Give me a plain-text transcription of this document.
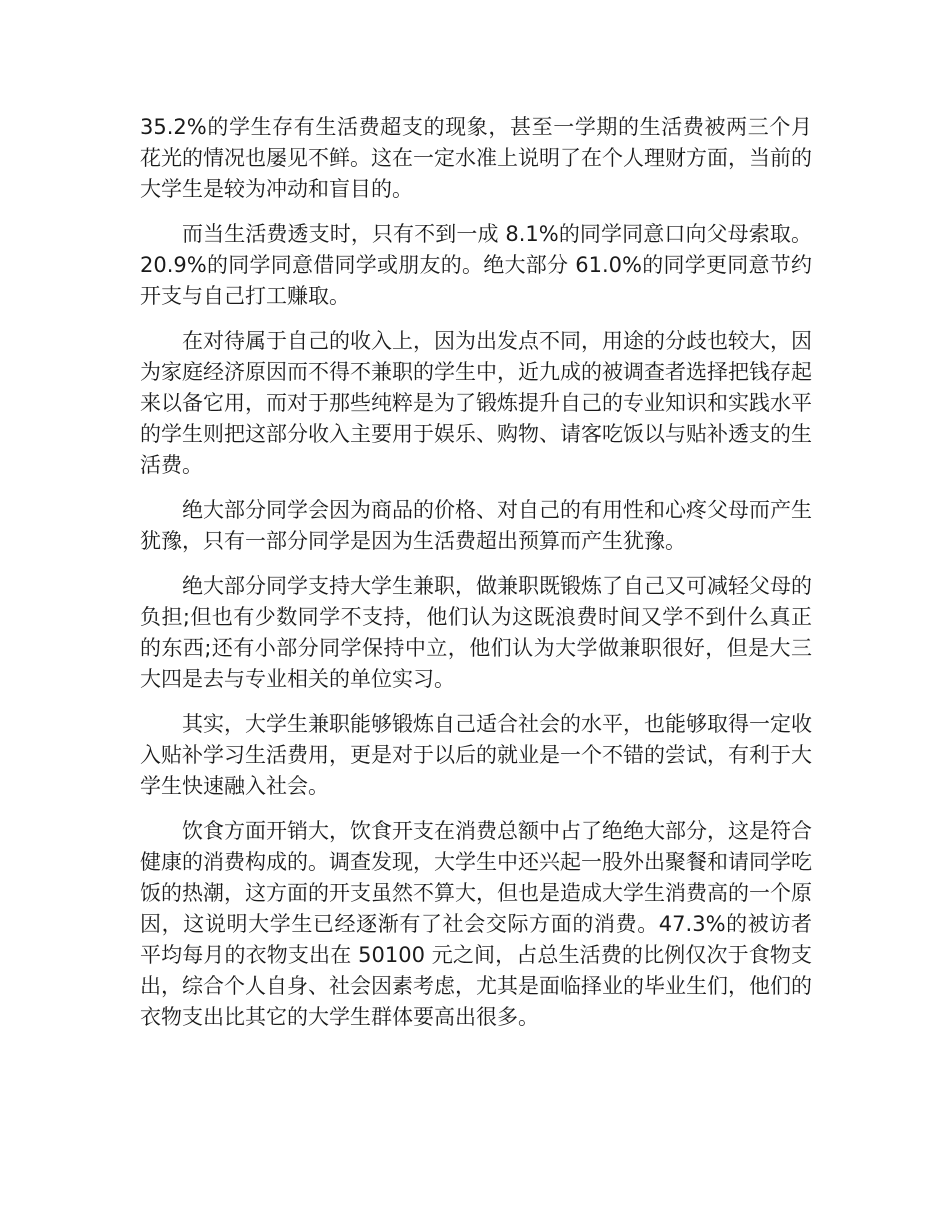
35.2%的学生存有生活费超支的现象，甚至一学期的生活费被两三个月花光的情况也屡见不鲜。这在一定水准上说明了在个人理财方面，当前的大学生是较为冲动和盲目的。

而当生活费透支时，只有不到一成 8.1%的同学同意口向父母索取。20.9%的同学同意借同学或朋友的。绝大部分 61.0%的同学更同意节约开支与自己打工赚取。

在对待属于自己的收入上，因为出发点不同，用途的分歧也较大，因为家庭经济原因而不得不兼职的学生中，近九成的被调查者选择把钱存起来以备它用，而对于那些纯粹是为了锻炼提升自己的专业知识和实践水平的学生则把这部分收入主要用于娱乐、购物、请客吃饭以与贴补透支的生活费。

绝大部分同学会因为商品的价格、对自己的有用性和心疼父母而产生犹豫，只有一部分同学是因为生活费超出预算而产生犹豫。

绝大部分同学支持大学生兼职，做兼职既锻炼了自己又可减轻父母的负担;但也有少数同学不支持，他们认为这既浪费时间又学不到什么真正的东西;还有小部分同学保持中立，他们认为大学做兼职很好，但是大三大四是去与专业相关的单位实习。

其实，大学生兼职能够锻炼自己适合社会的水平，也能够取得一定收入贴补学习生活费用，更是对于以后的就业是一个不错的尝试，有利于大学生快速融入社会。

饮食方面开销大，饮食开支在消费总额中占了绝绝大部分，这是符合健康的消费构成的。调查发现，大学生中还兴起一股外出聚餐和请同学吃饭的热潮，这方面的开支虽然不算大，但也是造成大学生消费高的一个原因，这说明大学生已经逐渐有了社会交际方面的消费。47.3%的被访者平均每月的衣物支出在 50100 元之间，占总生活费的比例仅次于食物支出，综合个人自身、社会因素考虑，尤其是面临择业的毕业生们，他们的衣物支出比其它的大学生群体要高出很多。
